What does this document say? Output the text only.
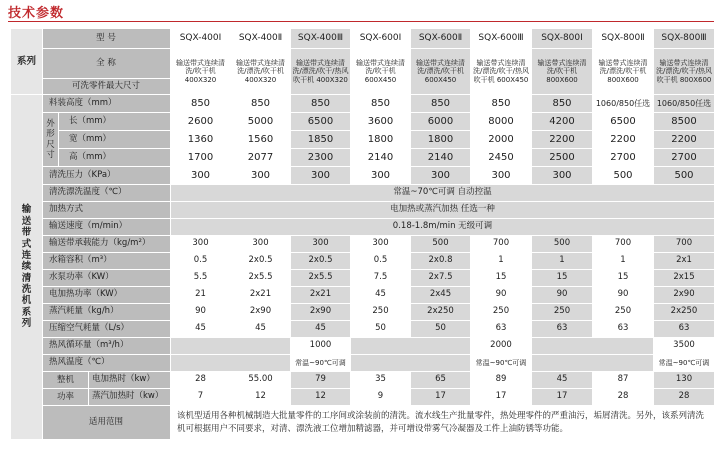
技术参数
系列	型 号			SQX-400Ⅰ	SQX-400Ⅱ	SQX-400Ⅲ	SQX-600Ⅰ	SQX-600Ⅱ	SQX-600Ⅲ	SQX-800Ⅰ	SQX-800Ⅱ	SQX-800Ⅲ
	全 称			输送带式连续清洗/吹干机 400X320	输送带式连续清洗/漂洗/吹干机 400X320	输送带式连续清洗/漂洗/吹干/热风吹干机 400X320	输送带式连续清洗/吹干机 600X450	输送带式连续清洗/漂洗/吹干机 600X450	输送带式连续清洗/漂洗/吹干/热风吹干机 600X450	输送带式连续清洗/吹干机 800X600	输送带式连续清洗/漂洗/吹干机 800X600	输送带式连续清洗/漂洗/吹干/热风吹干机 800X600
	可洗零件最大尺寸											

输送带式连续清洗机系列	料装高度（mm）			850	850	850	850	850	850	850	1060/850任选	1060/850任选

	外形尺寸	长（mm）		2600	5000	6500	3600	6000	8000	4200	6500	8500
		宽（mm）		1360	1560	1850	1800	1800	2000	2200	2200	2200
		高（mm）		1700	2077	2300	2140	2140	2450	2500	2700	2700
	清洗压力（KPa）			300	300	300	300	300	300	300	500	500
	清洗漂洗温度（℃）			常温~70℃可调 自动控温								
	加热方式			电加热或蒸汽加热 任选一种								
	输送速度（m/min）			0.18-1.8m/min 无级可调								
	输送带承载能力（kg/m²）			300	300	300	300	500	700	500	700	700
	水箱容积（m³）			0.5	2x0.5	2x0.5	0.5	2x0.8	1	1	1	2x1
	水泵功率（KW）			5.5	2x5.5	2x5.5	7.5	2x7.5	15	15	15	2x15
	电加热功率（KW）			21	2x21	2x21	45	2x45	90	90	90	2x90
	蒸汽耗量（kg/h）			90	2x90	2x90	250	2x250	250	250	250	2x250
	压缩空气耗量（L/s）			45	45	45	50	50	63	63	63	63
	热风循环量（m³/h）					1000			2000			3500
	热风温度（℃）					常温~90℃可调			常温~90℃可调			常温~90℃可调
	整机		电加热时（kw）	28	55.00	79	35	65	89	45	87	130
	功率		蒸汽加热时（kw）	7	12	12	9	17	17	17	28	28
	适用范围			该机型适用各种机械制造大批量零件的工序间或涂装前的清洗。流水线生产批量零件，热处理零件的严重油污，垢屑清洗。另外，该系列清洗机可根据用户不同要求，对清、漂洗液工位增加精滤器，并可增设带雾气冷凝器及工件上油防锈等功能。								
